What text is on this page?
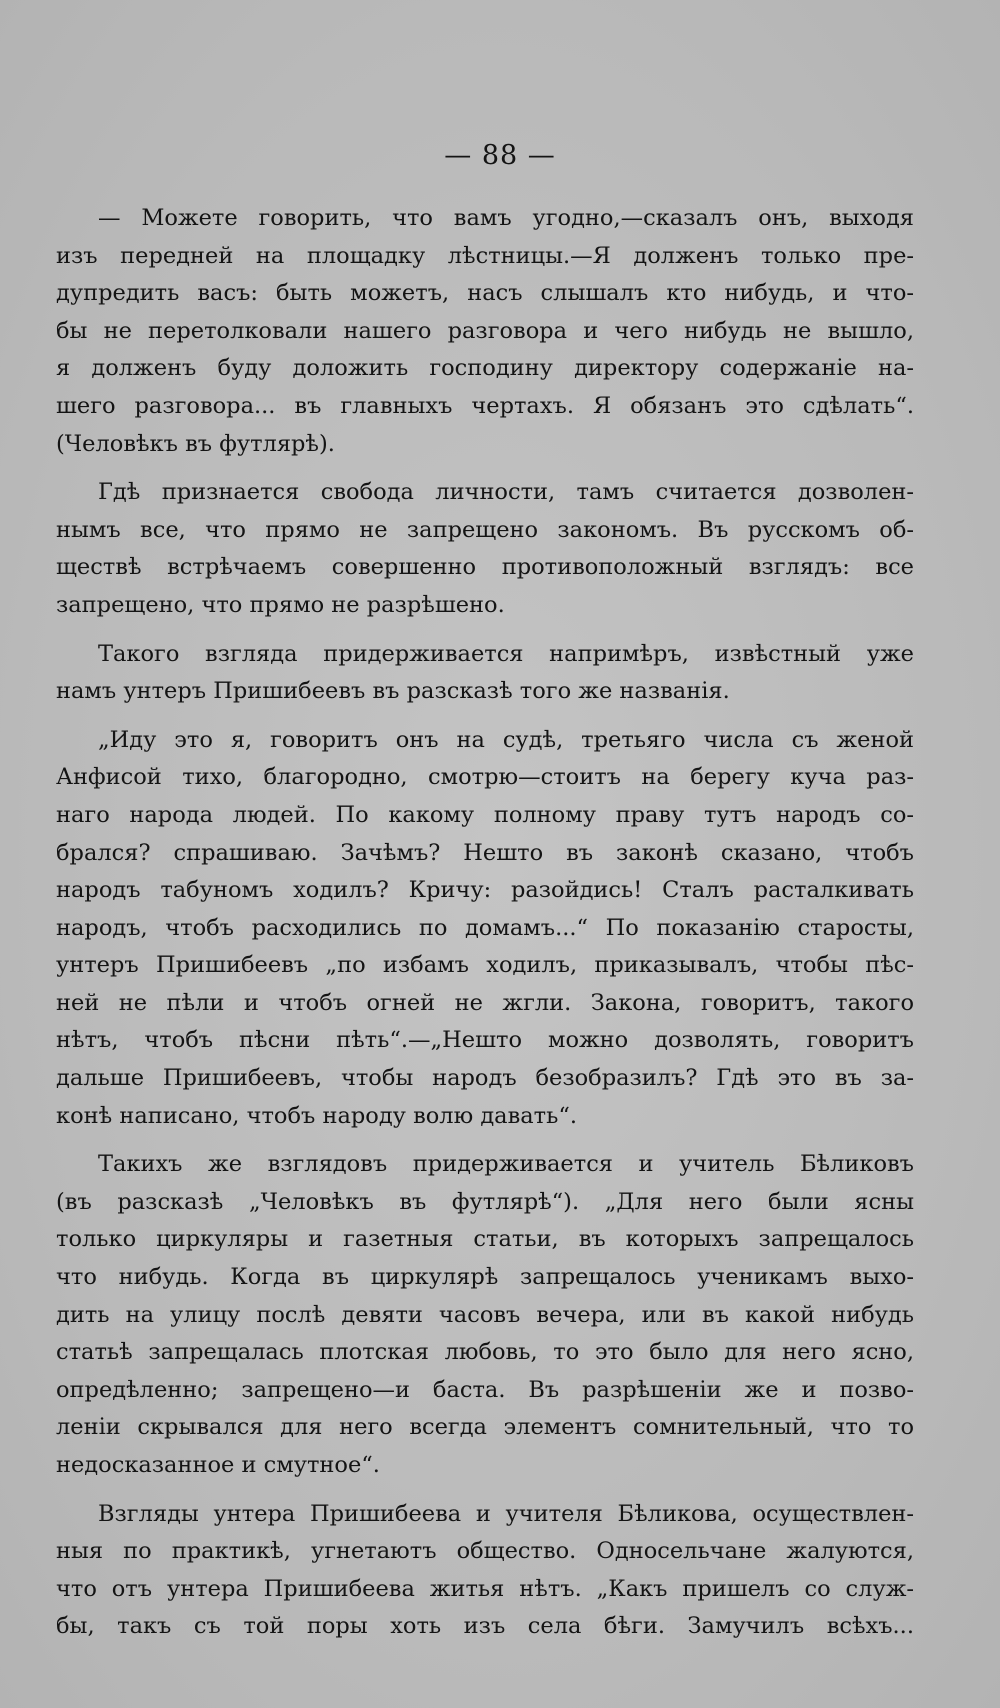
— 88 —

— Можете говорить, что вамъ угодно,—сказалъ онъ, выходя
изъ передней на площадку лѣстницы.—Я долженъ только пре-
дупредить васъ: быть можетъ, насъ слышалъ кто нибудь, и что-
бы не перетолковали нашего разговора и чего нибудь не вышло,
я долженъ буду доложить господину директору содержанiе на-
шего разговора... въ главныхъ чертахъ. Я обязанъ это сдѣлать“.
(Человѣкъ въ футлярѣ).

Гдѣ признается свобода личности, тамъ считается дозволен-
нымъ все, что прямо не запрещено закономъ. Въ русскомъ об-
ществѣ встрѣчаемъ совершенно противоположный взглядъ: все
запрещено, что прямо не разрѣшено.

Такого взгляда придерживается напримѣръ, извѣстный уже
намъ унтеръ Пришибеевъ въ разсказѣ того же названiя.

„Иду это я, говоритъ онъ на судѣ, третьяго числа съ женой
Анфисой тихо, благородно, смотрю—стоитъ на берегу куча раз-
наго народа людей. По какому полному праву тутъ народъ со-
брался? спрашиваю. Зачѣмъ? Нешто въ законѣ сказано, чтобъ
народъ табуномъ ходилъ? Кричу: разойдись! Сталъ расталкивать
народъ, чтобъ расходились по домамъ...“ По показанiю старосты,
унтеръ Пришибеевъ „по избамъ ходилъ, приказывалъ, чтобы пѣс-
ней не пѣли и чтобъ огней не жгли. Закона, говоритъ, такого
нѣтъ, чтобъ пѣсни пѣть“.—„Нешто можно дозволять, говоритъ
дальше Пришибеевъ, чтобы народъ безобразилъ? Гдѣ это въ за-
конѣ написано, чтобъ народу волю давать“.

Такихъ же взглядовъ придерживается и учитель Бѣликовъ
(въ разсказѣ „Человѣкъ въ футлярѣ“). „Для него были ясны
только циркуляры и газетныя статьи, въ которыхъ запрещалось
что нибудь. Когда въ циркулярѣ запрещалось ученикамъ выхо-
дить на улицу послѣ девяти часовъ вечера, или въ какой нибудь
статьѣ запрещалась плотская любовь, то это было для него ясно,
опредѣленно; запрещено—и баста. Въ разрѣшенiи же и позво-
ленiи скрывался для него всегда элементъ сомнительный, что то
недосказанное и смутное“.

Взгляды унтера Пришибеева и учителя Бѣликова, осуществлен-
ныя по практикѣ, угнетаютъ общество. Односельчане жалуются,
что отъ унтера Пришибеева житья нѣтъ. „Какъ пришелъ со служ-
бы, такъ съ той поры хоть изъ села бѣги. Замучилъ всѣхъ...
